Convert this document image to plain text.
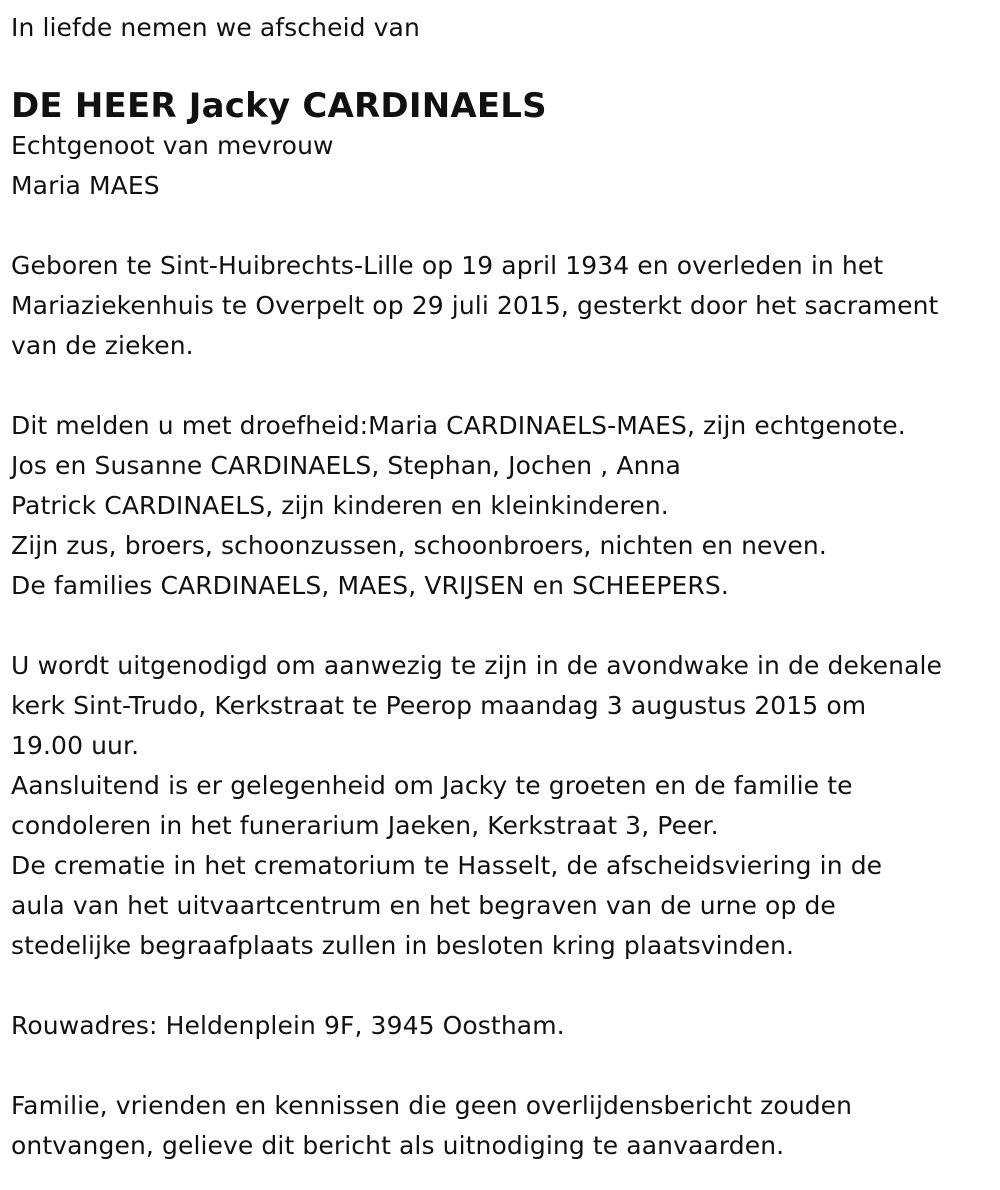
In liefde nemen we afscheid van
DE HEER Jacky CARDINAELS
Echtgenoot van mevrouw
Maria MAES
Geboren te Sint-Huibrechts-Lille op 19 april 1934 en overleden in het
Mariaziekenhuis te Overpelt op 29 juli 2015, gesterkt door het sacrament
van de zieken.
Dit melden u met droefheid:Maria CARDINAELS-MAES, zijn echtgenote.
Jos en Susanne CARDINAELS, Stephan, Jochen , Anna
Patrick CARDINAELS, zijn kinderen en kleinkinderen.
Zijn zus, broers, schoonzussen, schoonbroers, nichten en neven.
De families CARDINAELS, MAES, VRIJSEN en SCHEEPERS.
U wordt uitgenodigd om aanwezig te zijn in de avondwake in de dekenale
kerk Sint-Trudo, Kerkstraat te Peerop maandag 3 augustus 2015 om
19.00 uur.
Aansluitend is er gelegenheid om Jacky te groeten en de familie te
condoleren in het funerarium Jaeken, Kerkstraat 3, Peer.
De crematie in het crematorium te Hasselt, de afscheidsviering in de
aula van het uitvaartcentrum en het begraven van de urne op de
stedelijke begraafplaats zullen in besloten kring plaatsvinden.
Rouwadres: Heldenplein 9F, 3945 Oostham.
Familie, vrienden en kennissen die geen overlijdensbericht zouden
ontvangen, gelieve dit bericht als uitnodiging te aanvaarden.
